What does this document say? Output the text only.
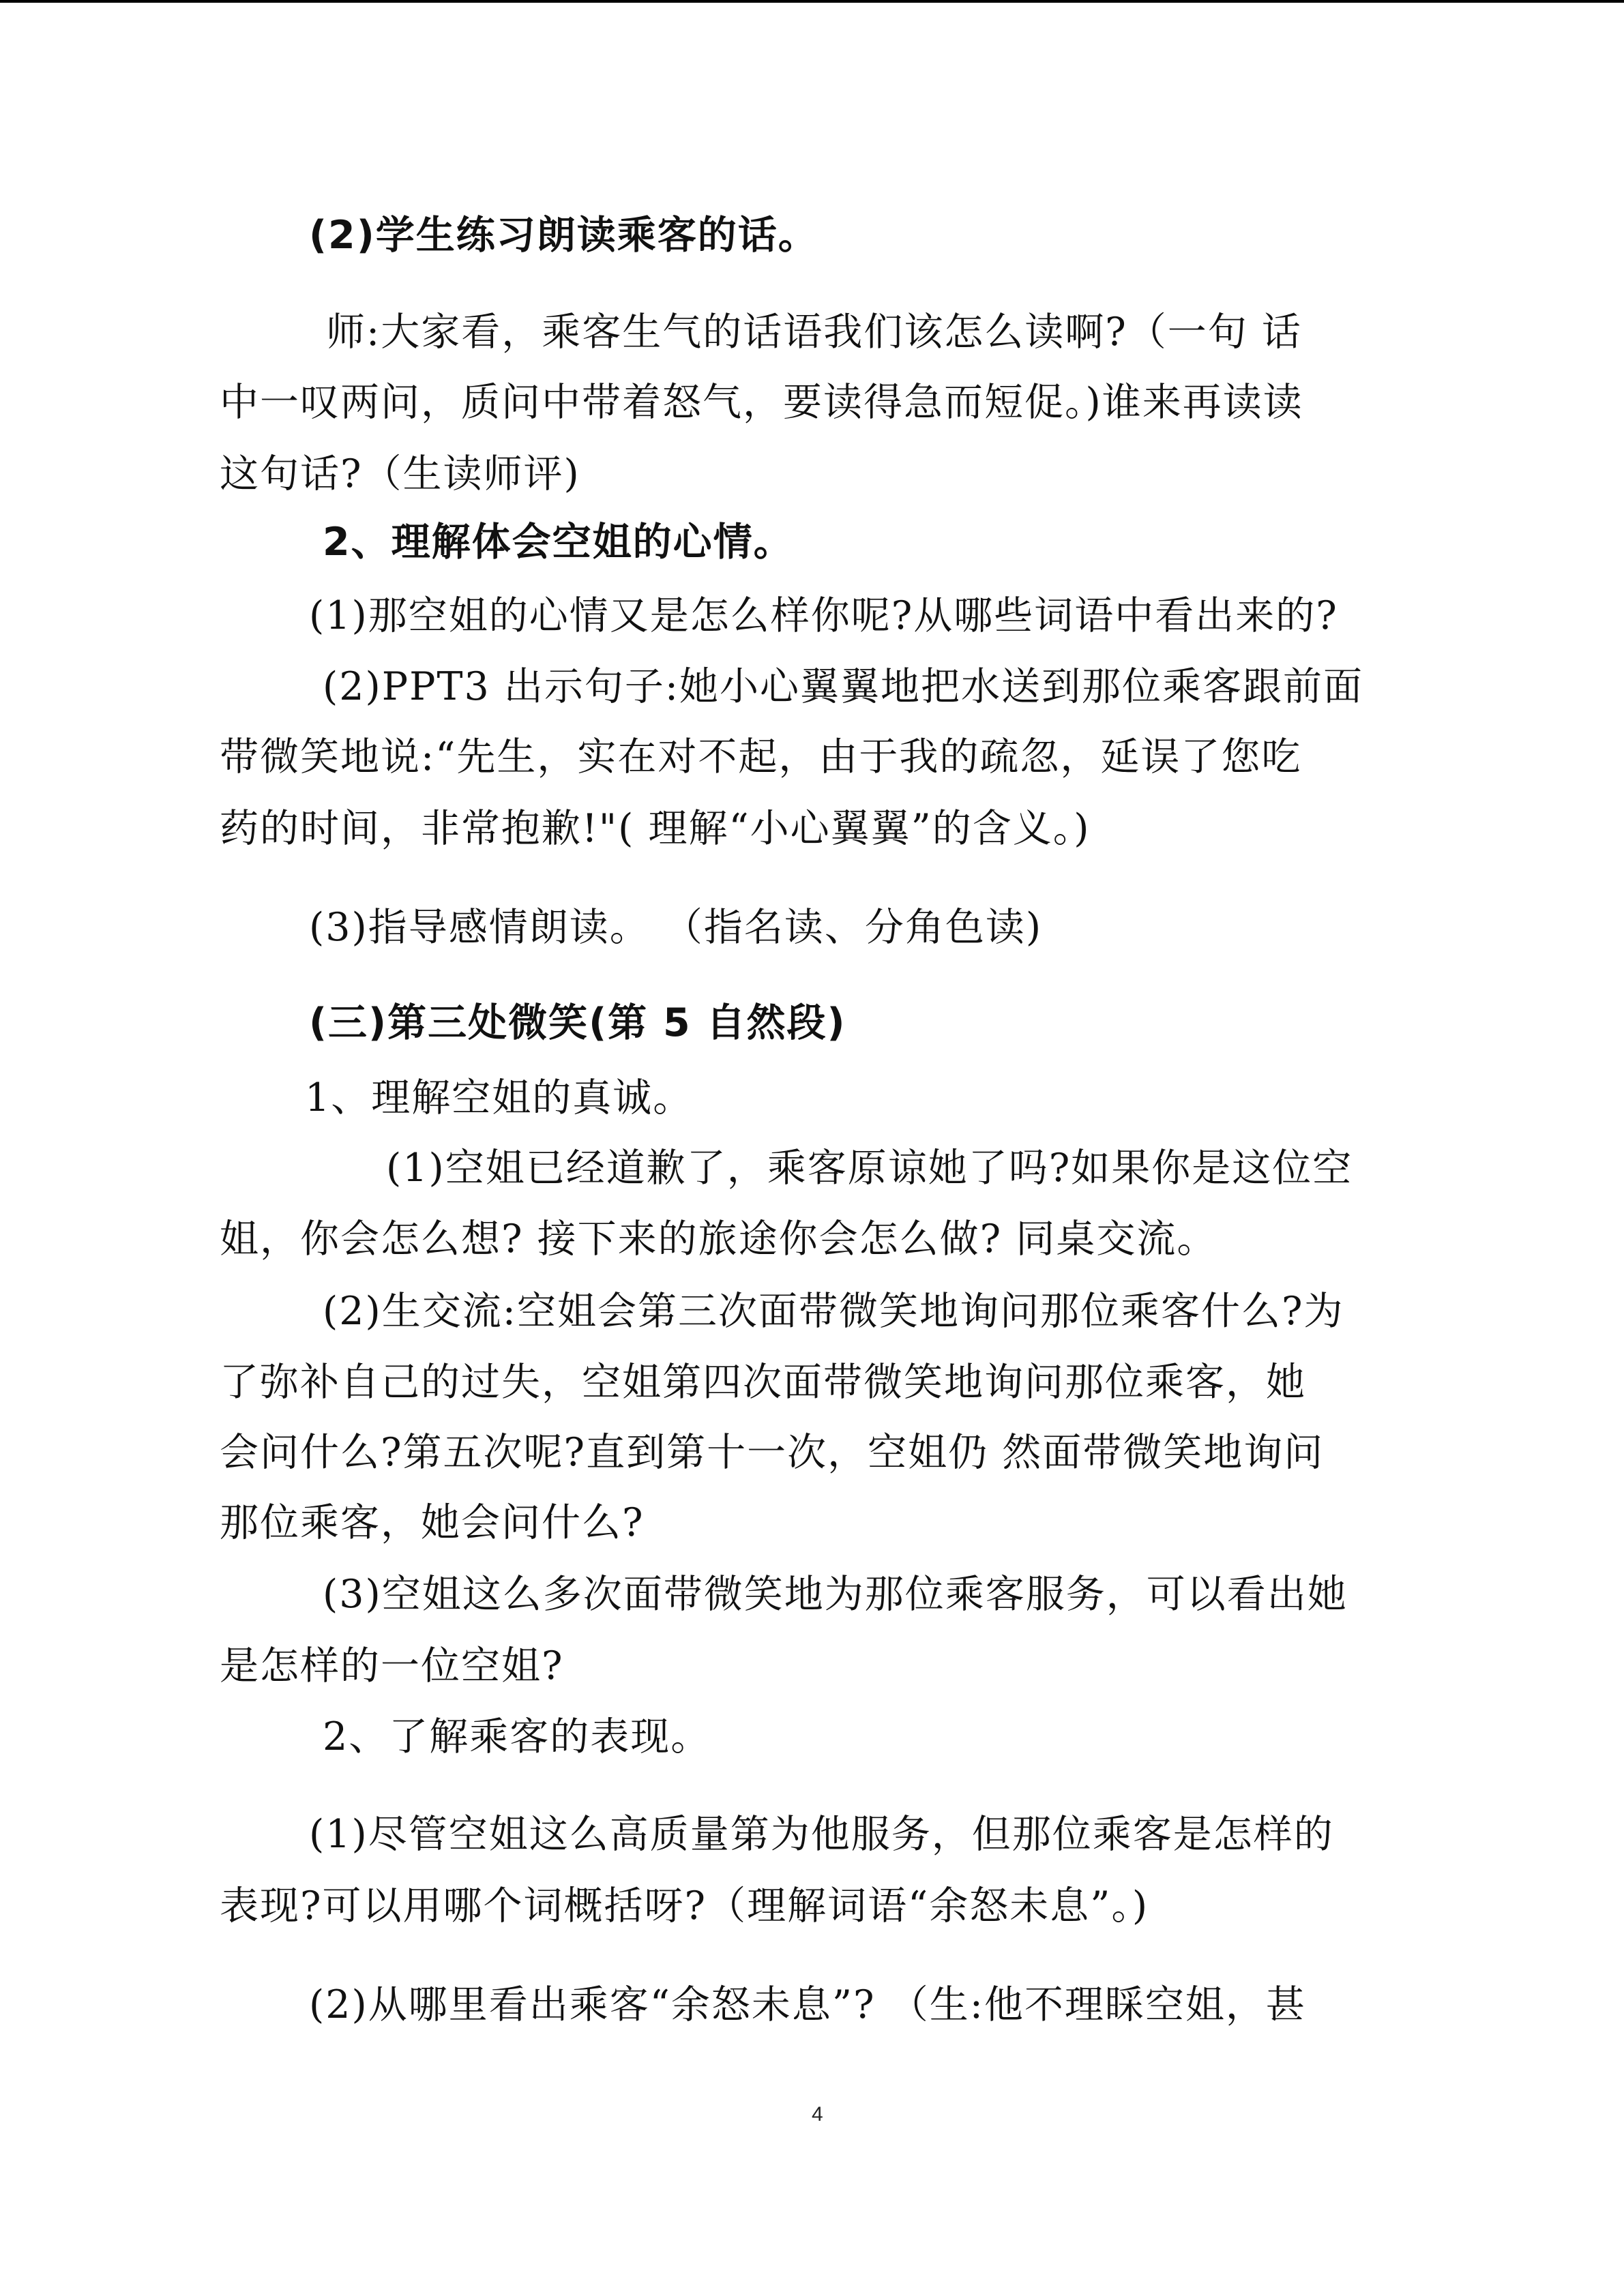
(2)学生练习朗读乘客的话。
师:大家看，乘客生气的话语我们该怎么读啊?（一句 话
中一叹两问，质问中带着怒气，要读得急而短促。)谁来再读读
这句话?（生读师评)
2、理解体会空姐的心情。
(1)那空姐的心情又是怎么样你呢?从哪些词语中看出来的?
(2)PPT3 出示句子:她小心翼翼地把水送到那位乘客跟前面
带微笑地说:“先生，实在对不起，由于我的疏忽，延误了您吃
药的时间，非常抱歉!"( 理解“小心翼翼”的含义。)
(3)指导感情朗读。 （指名读、分角色读)
(三)第三处微笑(第 5 自然段)
1、理解空姐的真诚。
(1)空姐已经道歉了，乘客原谅她了吗?如果你是这位空
姐，你会怎么想? 接下来的旅途你会怎么做? 同桌交流。
(2)生交流:空姐会第三次面带微笑地询问那位乘客什么?为
了弥补自己的过失，空姐第四次面带微笑地询问那位乘客，她
会问什么?第五次呢?直到第十一次，空姐仍 然面带微笑地询问
那位乘客，她会问什么?
(3)空姐这么多次面带微笑地为那位乘客服务，可以看出她
是怎样的一位空姐?
2、了解乘客的表现。
(1)尽管空姐这么高质量第为他服务，但那位乘客是怎样的
表现?可以用哪个词概括呀?（理解词语“余怒未息”。)
(2)从哪里看出乘客“余怒未息”? （生:他不理睬空姐，甚
4
